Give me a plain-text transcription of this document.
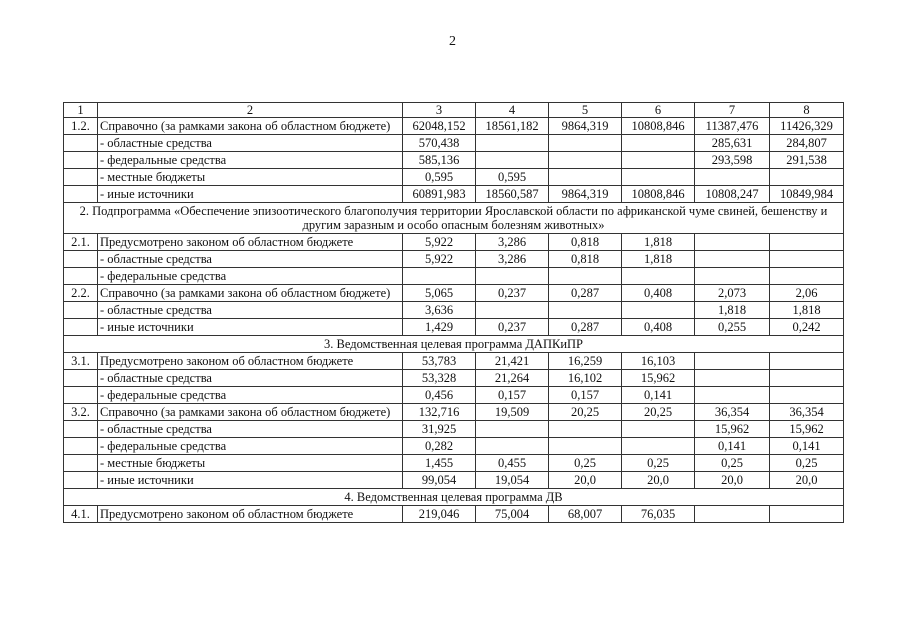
2
1	2	3	4	5	6	7	8
1.2.	Справочно (за рамками закона об областном бюджете)	62048,152	18561,182	9864,319	10808,846	11387,476	11426,329
	- областные средства	570,438				285,631	284,807
	- федеральные средства	585,136				293,598	291,538
	- местные бюджеты	0,595	0,595				
	- иные источники	60891,983	18560,587	9864,319	10808,846	10808,247	10849,984
2. Подпрограмма «Обеспечение эпизоотического благополучия территории Ярославской области по африканской чуме свиней, бешенству и другим заразным и особо опасным болезням животных»							
2.1.	Предусмотрено законом об областном бюджете	5,922	3,286	0,818	1,818		
	- областные средства	5,922	3,286	0,818	1,818		
	- федеральные средства						
2.2.	Справочно (за рамками закона об областном бюджете)	5,065	0,237	0,287	0,408	2,073	2,06
	- областные средства	3,636				1,818	1,818
	- иные источники	1,429	0,237	0,287	0,408	0,255	0,242
3. Ведомственная целевая программа ДАПКиПР							
3.1.	Предусмотрено законом об областном бюджете	53,783	21,421	16,259	16,103		
	- областные средства	53,328	21,264	16,102	15,962		
	- федеральные средства	0,456	0,157	0,157	0,141		
3.2.	Справочно (за рамками закона об областном бюджете)	132,716	19,509	20,25	20,25	36,354	36,354
	- областные средства	31,925				15,962	15,962
	- федеральные средства	0,282				0,141	0,141
	- местные бюджеты	1,455	0,455	0,25	0,25	0,25	0,25
	- иные источники	99,054	19,054	20,0	20,0	20,0	20,0
4. Ведомственная целевая программа ДВ							
4.1.	Предусмотрено законом об областном бюджете	219,046	75,004	68,007	76,035		
